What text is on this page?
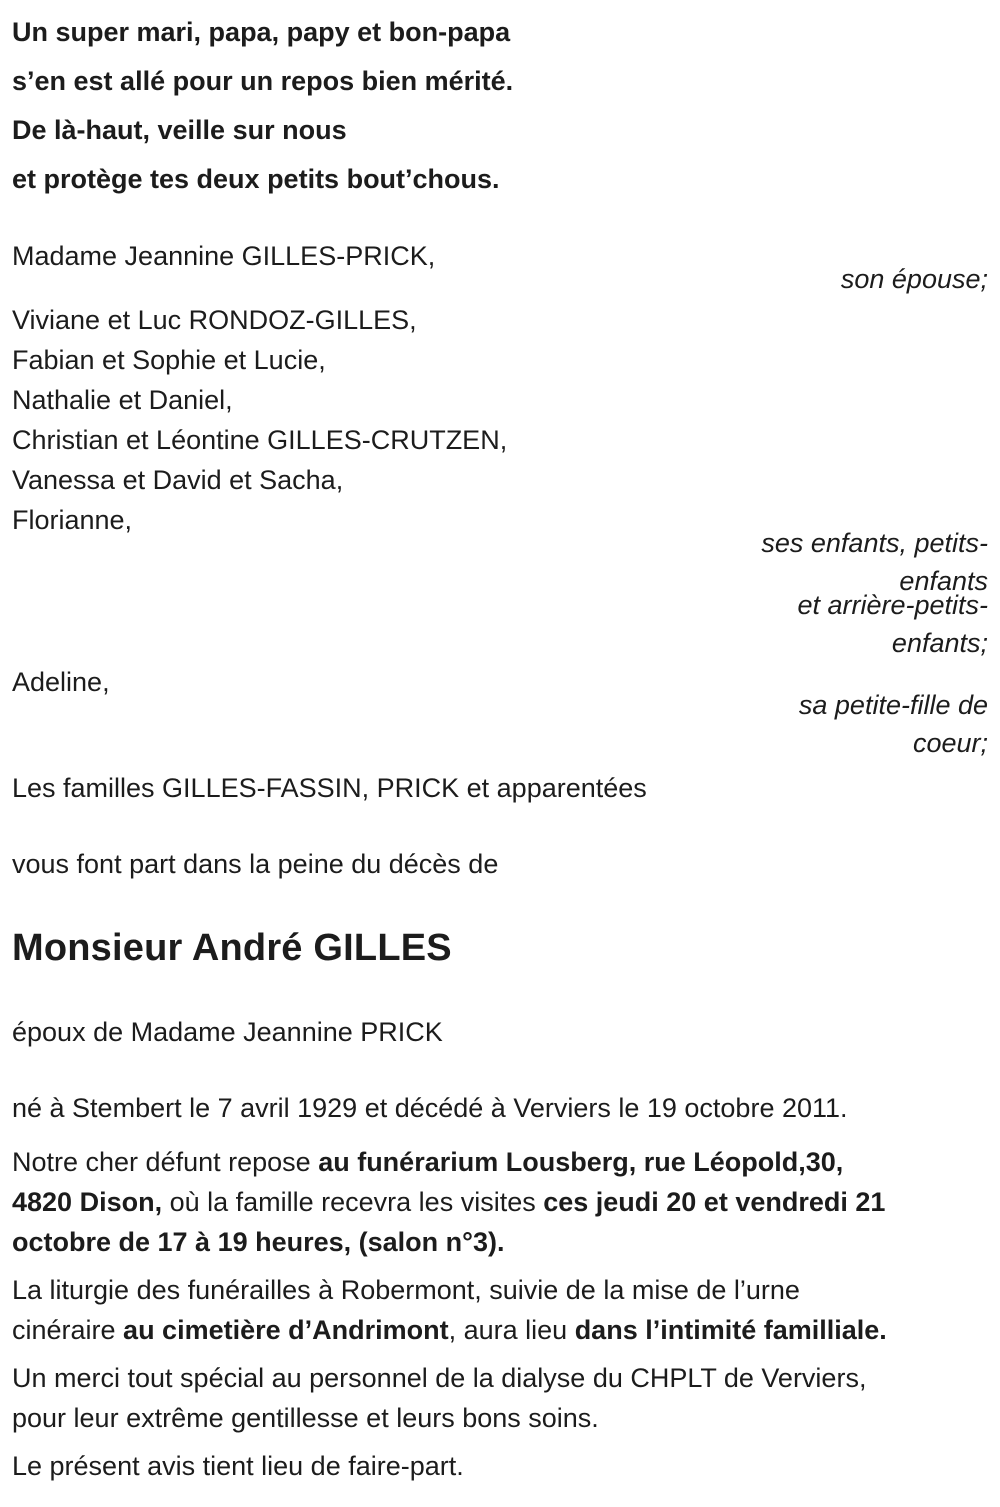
Un super mari, papa, papy et bon-papa
s’en est allé pour un repos bien mérité.
De là-haut, veille sur nous
et protège tes deux petits bout’chous.
Madame Jeannine GILLES-PRICK,
son épouse;
Viviane et Luc RONDOZ-GILLES,
Fabian et Sophie et Lucie,
Nathalie et Daniel,
Christian et Léontine GILLES-CRUTZEN,
Vanessa et David et Sacha,
Florianne,
ses enfants, petits-
enfants
et arrière-petits-
enfants;
Adeline,
sa petite-fille de
coeur;
Les familles GILLES-FASSIN, PRICK et apparentées

vous font part dans la peine du décès de

Monsieur André GILLES

époux de Madame Jeannine PRICK

né à Stembert le 7 avril 1929 et décédé à Verviers le 19 octobre 2011.

Notre cher défunt repose au funérarium Lousberg, rue Léopold,30,
4820 Dison, où la famille recevra les visites ces jeudi 20 et vendredi 21
octobre de 17 à 19 heures, (salon n°3).

La liturgie des funérailles à Robermont, suivie de la mise de l’urne
cinéraire au cimetière d’Andrimont, aura lieu dans l’intimité familliale.

Un merci tout spécial au personnel de la dialyse du CHPLT de Verviers,
pour leur extrême gentillesse et leurs bons soins.

Le présent avis tient lieu de faire-part.
